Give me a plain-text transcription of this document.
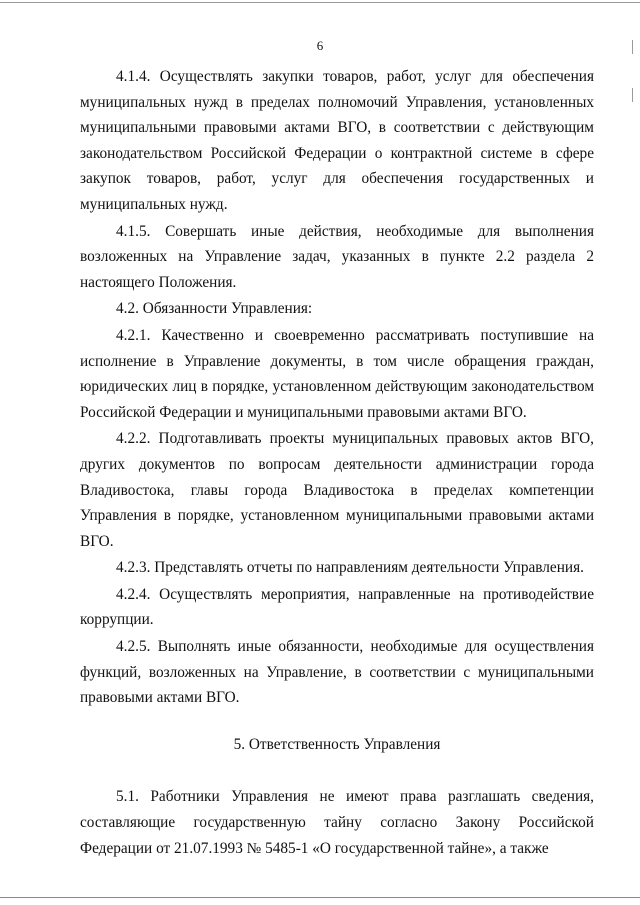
6

4.1.4. Осуществлять закупки товаров, работ, услуг для обеспечения муниципальных нужд в пределах полномочий Управления, установленных муниципальными правовыми актами ВГО, в соответствии с действующим законодательством Российской Федерации о контрактной системе в сфере закупок товаров, работ, услуг для обеспечения государственных и муниципальных нужд.

4.1.5. Совершать иные действия, необходимые для выполнения возложенных на Управление задач, указанных в пункте 2.2 раздела 2 настоящего Положения.

4.2. Обязанности Управления:

4.2.1. Качественно и своевременно рассматривать поступившие на исполнение в Управление документы, в том числе обращения граждан, юридических лиц в порядке, установленном действующим законодательством Российской Федерации и муниципальными правовыми актами ВГО.

4.2.2. Подготавливать проекты муниципальных правовых актов ВГО, других документов по вопросам деятельности администрации города Владивостока, главы города Владивостока в пределах компетенции Управления в порядке, установленном муниципальными правовыми актами ВГО.

4.2.3. Представлять отчеты по направлениям деятельности Управления.

4.2.4. Осуществлять мероприятия, направленные на противодействие коррупции.

4.2.5. Выполнять иные обязанности, необходимые для осуществления функций, возложенных на Управление, в соответствии с муниципальными правовыми актами ВГО.

5. Ответственность Управления

5.1. Работники Управления не имеют права разглашать сведения, составляющие государственную тайну согласно Закону Российской Федерации от 21.07.1993 № 5485-1 «О государственной тайне», а также
